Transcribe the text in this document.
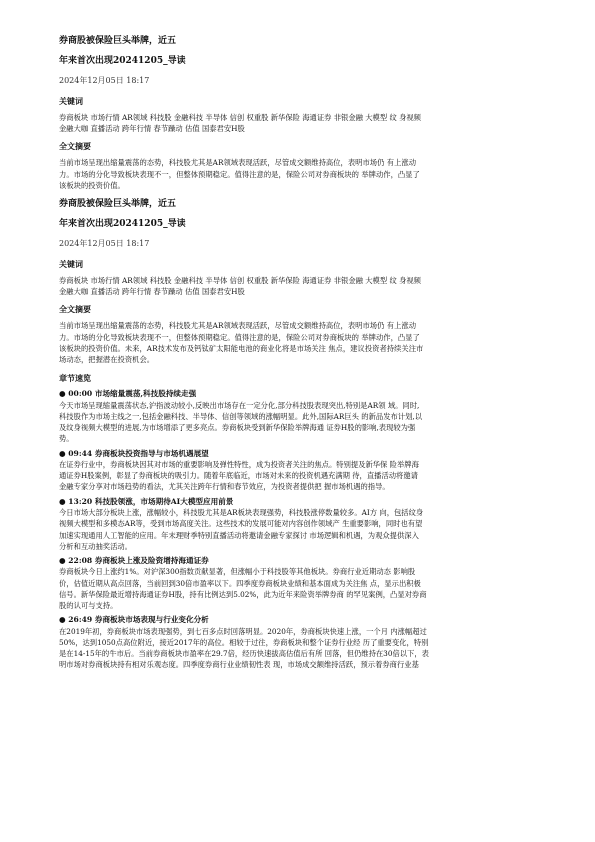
券商股被保险巨头举牌，近五

年来首次出现20241205_导读

2024年12月05日 18:17

关键词

券商板块 市场行情 AR领域 科技股 金融科技 半导体 信创 权重股 新华保险 海通证券 非银金融 大模型 纹 身视频
金融大咖 直播活动 跨年行情 春节躁动 估值 国泰君安H股

全文摘要

当前市场呈现出缩量震荡的态势，科技股尤其是AR领域表现活跃，尽管成交额维持高位，表明市场仍 有上涨动
力。市场的分化导致板块表现不一，但整体预期稳定。值得注意的是，保险公司对券商板块的 举牌动作，凸显了
该板块的投资价值。

券商股被保险巨头举牌，近五

年来首次出现20241205_导读

2024年12月05日 18:17

关键词

券商板块 市场行情 AR领域 科技股 金融科技 半导体 信创 权重股 新华保险 海通证券 非银金融 大模型 纹 身视频
金融大咖 直播活动 跨年行情 春节躁动 估值 国泰君安H股

全文摘要

当前市场呈现出缩量震荡的态势，科技股尤其是AR领域表现活跃，尽管成交额维持高位，表明市场仍 有上涨动
力。市场的分化导致板块表现不一，但整体预期稳定。值得注意的是，保险公司对券商板块的 举牌动作，凸显了
该板块的投资价值。未来，AR技术发布及钙钛矿太阳能电池的商业化将是市场关注 焦点，建议投资者持续关注市
场动态，把握潜在投资机会。

章节速览

● 00:00 市场缩量震荡,科技股持续走强

今天市场呈现缩量震荡状态,沪指波动较小,反映出市场存在一定分化,部分科技股表现突出,特别是AR领 域。同时,
科技股作为市场主线之一,包括金融科技、半导体、信创等领域的涨幅明显。此外,国际AR巨头 的新品发布计划,以
及纹身视频大模型的进展,为市场增添了更多亮点。券商板块受到新华保险举牌海通 证券H股的影响,表现较为强
势。

● 09:44 券商板块投资指导与市场机遇展望

在证券行业中，券商板块因其对市场的重要影响及弹性特性，成为投资者关注的焦点。特别提及新华保 险举牌海
通证券H股案例，彰显了券商板块的吸引力。随着年底临近，市场对未来的投资机遇充满期 待，直播活动将邀请
金融专家分享对市场趋势的看法，尤其关注跨年行情和春节效应，为投资者提供把 握市场机遇的指导。

● 13:20 科技股领涨，市场期待AI大模型应用前景

今日市场大部分板块上涨，涨幅较小，科技股尤其是AR板块表现强势，科技股涨停数量较多。AI方 向，包括纹身
视频大模型和多模态AR等，受到市场高度关注。这些技术的发展可能对内容创作领域产 生重要影响，同时也有望
加速实现通用人工智能的应用。年末理财季特别直播活动将邀请金融专家探讨 市场逻辑和机遇，为观众提供深入
分析和互动抽奖活动。

● 22:08 券商板块上涨及险资增持海通证券

券商板块今日上涨约1%。对沪深300指数贡献显著，但涨幅小于科技股等其他板块。券商行业近期动态 影响股
价，估值近期从高点回落，当前回到30倍市盈率以下。四季度券商板块业绩和基本面成为关注焦 点，显示出积极
信号。新华保险最近增持海通证券H股，持有比例达到5.02%，此为近年来险资举牌券商 的罕见案例，凸显对券商
股的认可与支持。

● 26:49 券商板块市场表现与行业变化分析

在2019年初，券商板块市场表现强势，到七百多点时回落明显。2020年，券商板块快速上涨，一个月 内涨幅超过
50%，达到1050点高位附近，接近2017年的高位。相较于过往，券商板块和整个证券行业经 历了重要变化，特别
是在14-15年的牛市后。当前券商板块市盈率在29.7倍，经历快速拔高估值后有所 回落，但仍维持在30倍以下，表
明市场对券商板块持有相对乐观态度。四季度券商行业业绩韧性表 现，市场成交额维持活跃，预示着券商行业基
